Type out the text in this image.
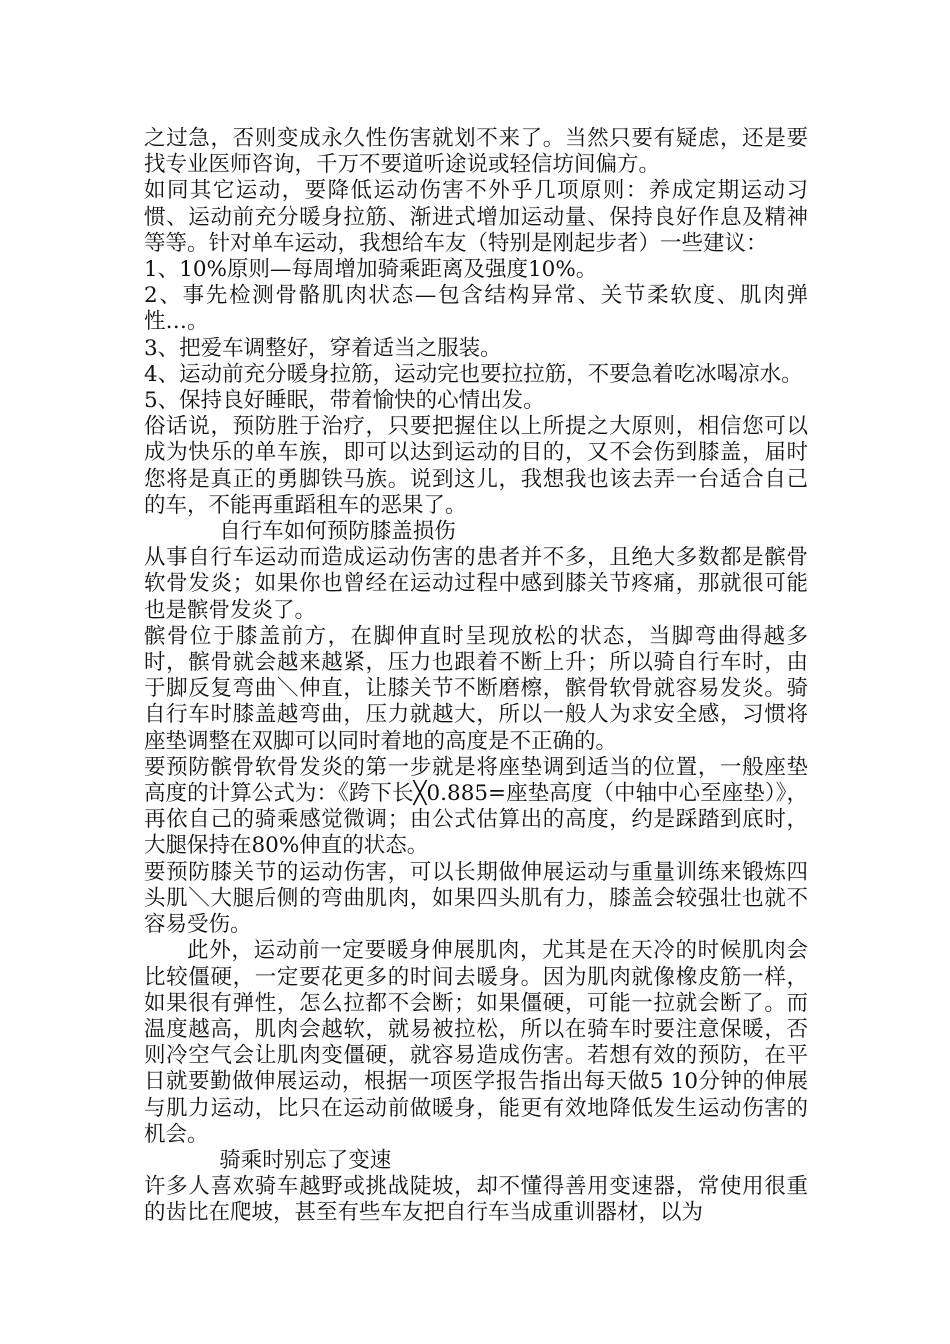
之过急，否则变成永久性伤害就划不来了。当然只要有疑虑，还是要找专业医师咨询，千万不要道听途说或轻信坊间偏方。

如同其它运动，要降低运动伤害不外乎几项原则：养成定期运动习惯、运动前充分暖身拉筋、渐进式增加运动量、保持良好作息及精神等等。针对单车运动，我想给车友（特别是刚起步者）一些建议：

1、10%原则—每周增加骑乘距离及强度10%。

2、事先检测骨骼肌肉状态—包含结构异常、关节柔软度、肌肉弹性…。

3、把爱车调整好，穿着适当之服装。

4、运动前充分暖身拉筋，运动完也要拉拉筋，不要急着吃冰喝凉水。

5、保持良好睡眠，带着愉快的心情出发。

俗话说，预防胜于治疗，只要把握住以上所提之大原则，相信您可以成为快乐的单车族，即可以达到运动的目的，又不会伤到膝盖，届时您将是真正的勇脚铁马族。说到这儿，我想我也该去弄一台适合自己的车，不能再重蹈租车的恶果了。

自行车如何预防膝盖损伤

从事自行车运动而造成运动伤害的患者并不多，且绝大多数都是髌骨软骨发炎；如果你也曾经在运动过程中感到膝关节疼痛，那就很可能也是髌骨发炎了。

髌骨位于膝盖前方，在脚伸直时呈现放松的状态，当脚弯曲得越多时，髌骨就会越来越紧，压力也跟着不断上升；所以骑自行车时，由于脚反复弯曲＼伸直，让膝关节不断磨檫，髌骨软骨就容易发炎。骑自行车时膝盖越弯曲，压力就越大，所以一般人为求安全感，习惯将座垫调整在双脚可以同时着地的高度是不正确的。

要预防髌骨软骨发炎的第一步就是将座垫调到适当的位置，一般座垫高度的计算公式为：《跨下长╳0.885=座垫高度（中轴中心至座垫）》，再依自己的骑乘感觉微调；由公式估算出的高度，约是踩踏到底时，大腿保持在80%伸直的状态。

要预防膝关节的运动伤害，可以长期做伸展运动与重量训练来锻炼四头肌＼大腿后侧的弯曲肌肉，如果四头肌有力，膝盖会较强壮也就不容易受伤。

此外，运动前一定要暖身伸展肌肉，尤其是在天冷的时候肌肉会比较僵硬，一定要花更多的时间去暖身。因为肌肉就像橡皮筋一样，如果很有弹性，怎么拉都不会断；如果僵硬，可能一拉就会断了。而温度越高，肌肉会越软，就易被拉松，所以在骑车时要注意保暖，否则冷空气会让肌肉变僵硬，就容易造成伤害。若想有效的预防，在平日就要勤做伸展运动，根据一项医学报告指出每天做5 10分钟的伸展与肌力运动，比只在运动前做暖身，能更有效地降低发生运动伤害的机会。

骑乘时别忘了变速

许多人喜欢骑车越野或挑战陡坡，却不懂得善用变速器，常使用很重的齿比在爬坡，甚至有些车友把自行车当成重训器材，以为
